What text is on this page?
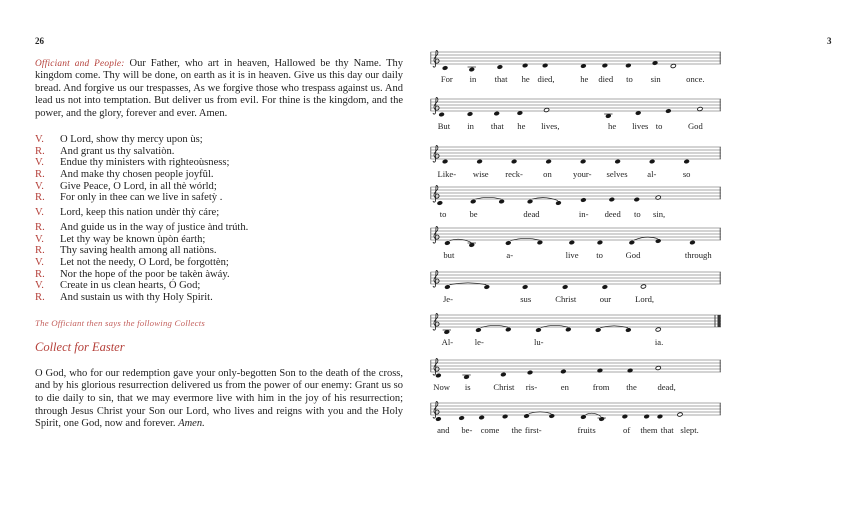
26	3

Officiant and People: Our Father, who art in heaven, Hallowed be thy Name. Thy kingdom come. Thy will be done, on earth as it is in heaven. Give us this day our daily bread. And forgive us our trespasses, As we forgive those who trespass against us. And lead us not into temptation. But deliver us from evil. For thine is the kingdom, and the power, and the glory, forever and ever. Amen.

V.	O Lord, show thy mercy upon ùs;
R.	And grant us thy salvatiòn.
V.	Endue thy ministers with righteoùsness;
R.	And make thy chosen people joyfûl.
V.	Give Peace, O Lord, in all thè wórld;
R.	For only in thee can we live in safetỳ .
V.	Lord, keep this nation undèr thỳ cáre;
R.	And guide us in the way of justice ànd trúth.
V.	Let thy way be known ùpòn éarth;
R.	Thy saving health among all natiòns.
V.	Let not the needy, O Lord, be forgottèn;
R.	Nor the hope of the poor be takèn àwáy.
V.	Create in us clean hearts, Ó God;
R.	And sustain us with thy Holy Spirit.
The Officiant then says the following Collects
Collect for Easter

O God, who for our redemption gave your only-begotten Son to the death of the cross, and by his glorious resurrection delivered us from the power of our enemy: Grant us so to die daily to sin, that we may evermore live with him in the joy of his resurrection; through Jesus Christ your Son our Lord, who lives and reigns with you and the Holy Spirit, one God, now and forever. Amen.

For in that he died,	he died to sin	once.
But in that he lives,	he lives to	God
Like- wise reck- on your- selves al-	so
to	be	dead	in- deed to sin,
but	a-	live to	God	through
Je-	sus	Christ	our	Lord,
Al-	le-	lu-	ia.
Now is	Christ ris-	en	from the dead,
and be- come the first-	fruits	of them that slept.
